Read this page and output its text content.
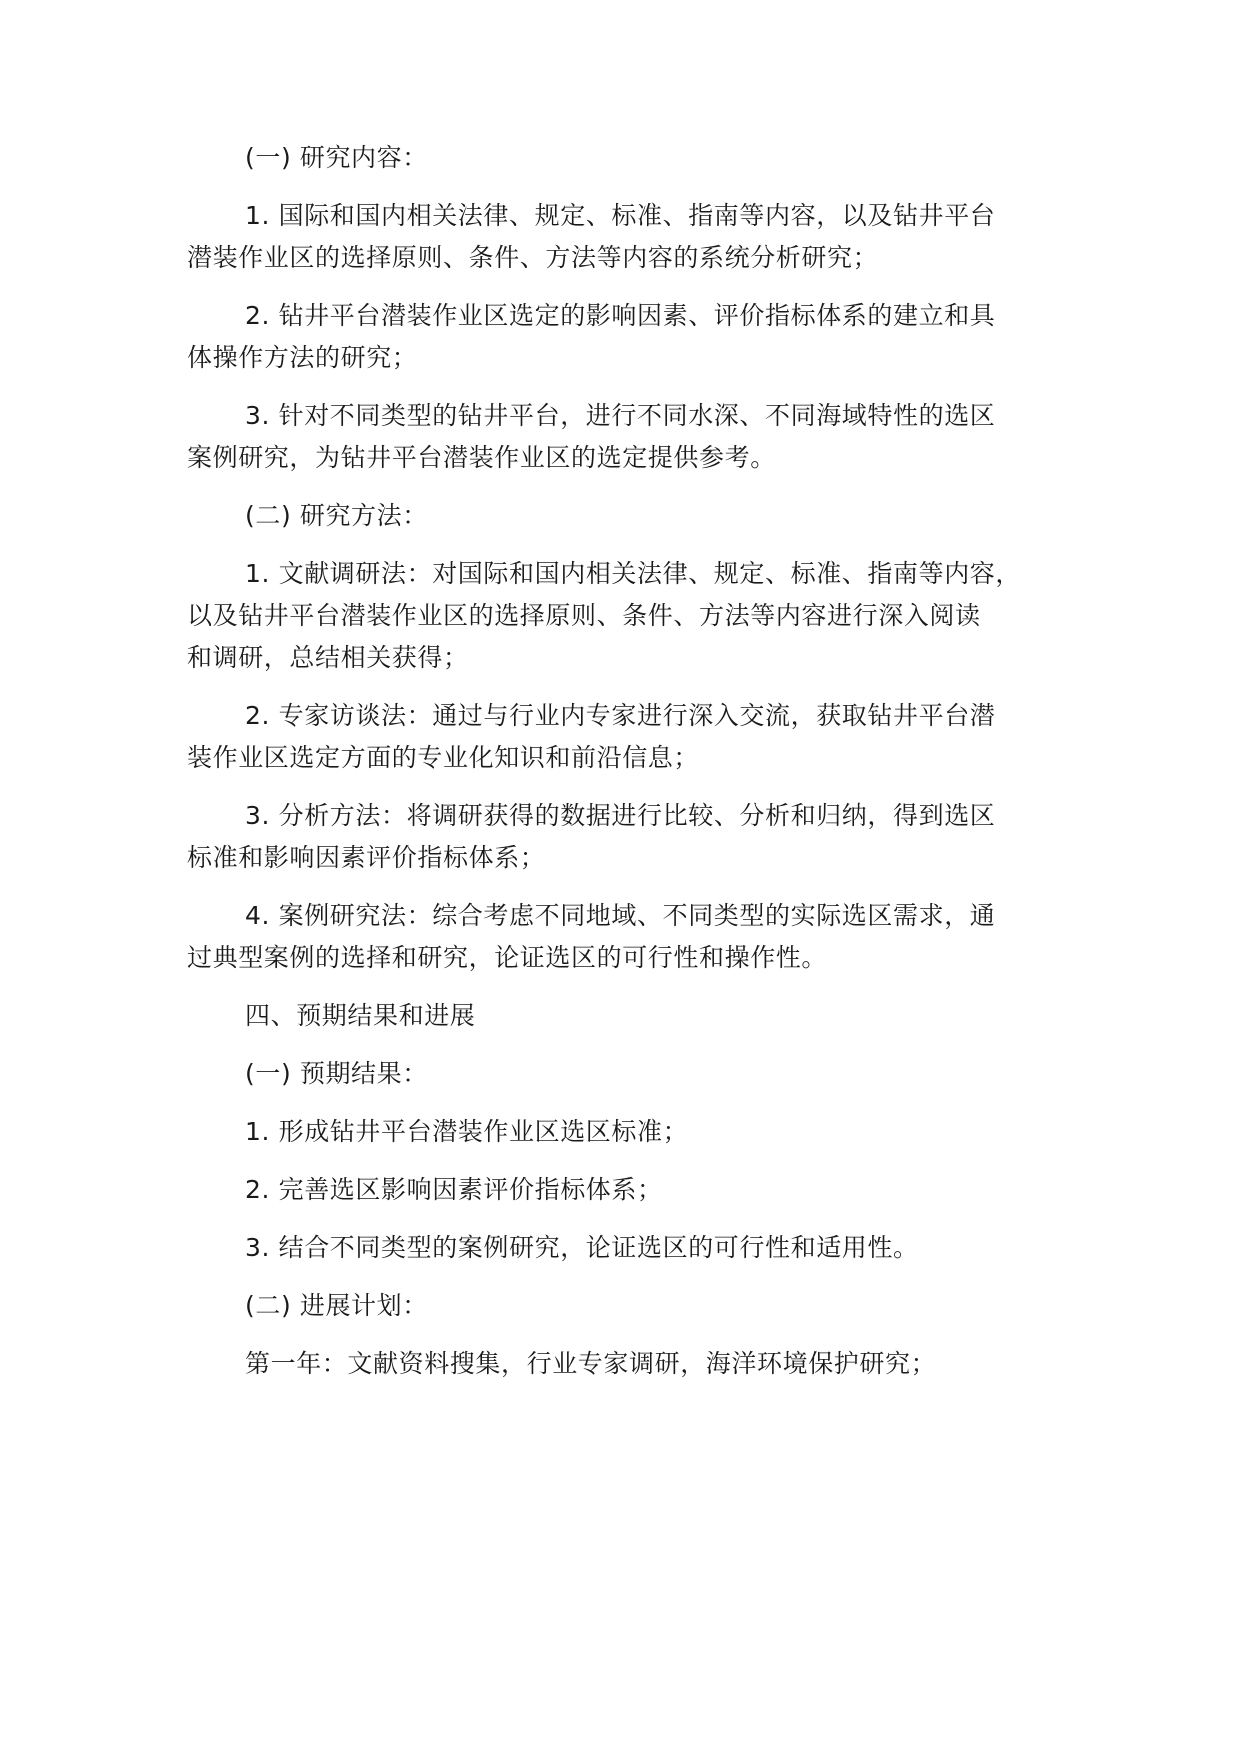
(一) 研究内容：
1. 国际和国内相关法律、规定、标准、指南等内容，以及钻井平台
潜装作业区的选择原则、条件、方法等内容的系统分析研究；
2. 钻井平台潜装作业区选定的影响因素、评价指标体系的建立和具
体操作方法的研究；
3. 针对不同类型的钻井平台，进行不同水深、不同海域特性的选区
案例研究，为钻井平台潜装作业区的选定提供参考。
(二) 研究方法：
1. 文献调研法：对国际和国内相关法律、规定、标准、指南等内容，
以及钻井平台潜装作业区的选择原则、条件、方法等内容进行深入阅读
和调研，总结相关获得；
2. 专家访谈法：通过与行业内专家进行深入交流，获取钻井平台潜
装作业区选定方面的专业化知识和前沿信息；
3. 分析方法：将调研获得的数据进行比较、分析和归纳，得到选区
标准和影响因素评价指标体系；
4. 案例研究法：综合考虑不同地域、不同类型的实际选区需求，通
过典型案例的选择和研究，论证选区的可行性和操作性。
四、预期结果和进展
(一) 预期结果：
1. 形成钻井平台潜装作业区选区标准；
2. 完善选区影响因素评价指标体系；
3. 结合不同类型的案例研究，论证选区的可行性和适用性。
(二) 进展计划：
第一年：文献资料搜集，行业专家调研，海洋环境保护研究；
